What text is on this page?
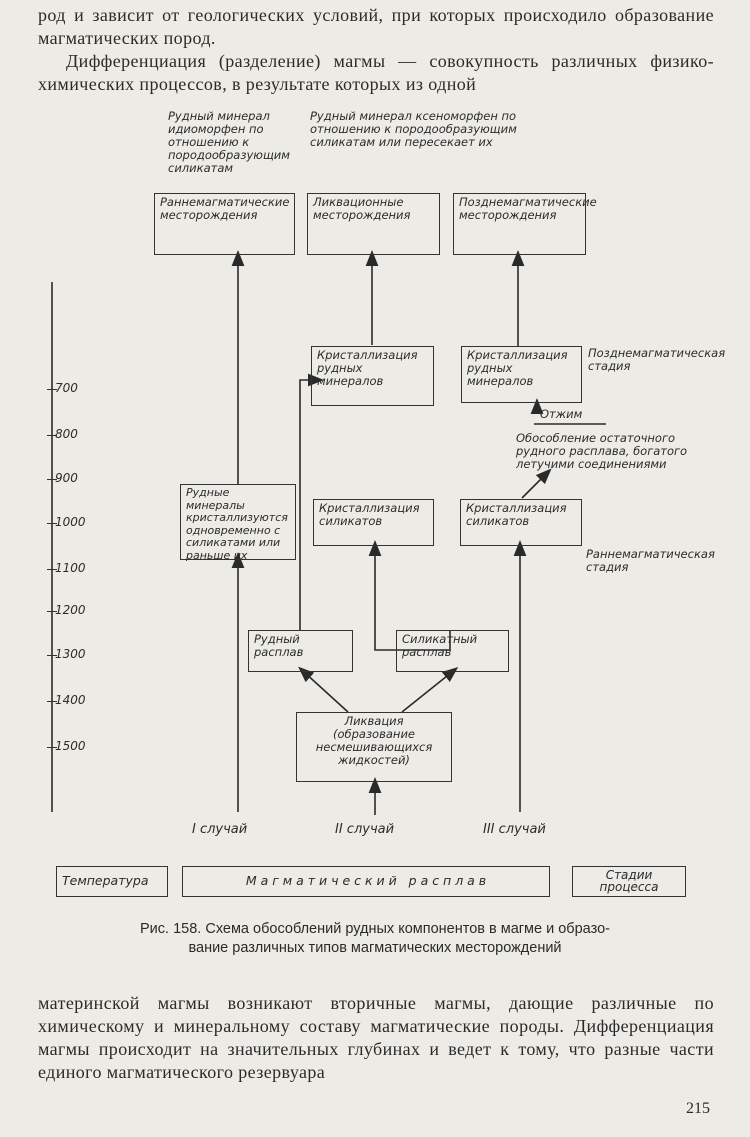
род и зависит от геологических условий, при которых происходило образование магматических пород.

Дифференциация (разделение) магмы — совокупность различных физико-химических процессов, в результате которых из одной

700
800
900
1000
1100
1200
1300
1400
1500
Рудный минерал идиоморфен по отношению к породообразующим силикатам
Рудный минерал ксеноморфен по отношению к породообразующим силикатам или пересекает их
Раннемагматические месторождения
Ликвационные месторождения
Позднемагматические месторождения
Кристаллизация рудных минералов
Кристаллизация рудных минералов
Позднемагматическая стадия
Отжим
Обособление остаточного рудного расплава, богатого летучими соединениями
Рудные минералы кристаллизуются одновременно с силикатами или раньше их
Кристаллизация силикатов
Кристаллизация силикатов
Раннемагматическая стадия
Рудный расплав
Силикатный расплав
Ликвация (образование несмешивающихся жидкостей)
I случай	II случай	III случай
Температура	М а г м а т и ч е с к и й   р а с п л а в	Стадии процесса
Рис. 158. Схема обособлений рудных компонентов в магме и образо-
вание различных типов магматических месторождений

материнской магмы возникают вторичные магмы, дающие различные по химическому и минеральному составу магматические породы. Дифференциация магмы происходит на значительных глубинах и ведет к тому, что разные части единого магматического резервуара

215
